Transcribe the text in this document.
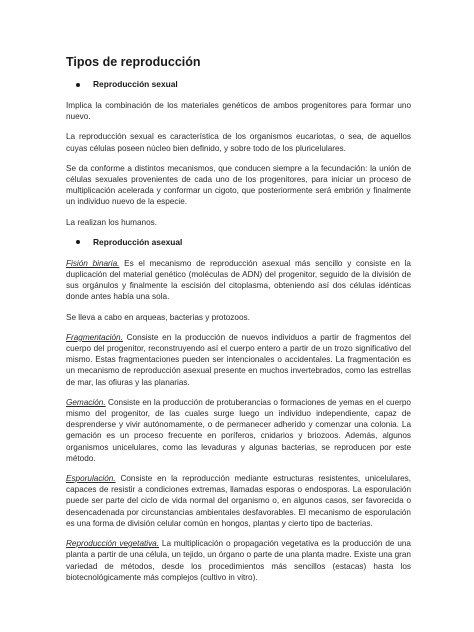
Tipos de reproducción
Reproducción sexual

Implica la combinación de los materiales genéticos de ambos progenitores para formar uno nuevo.

La reproducción sexual es característica de los organismos eucariotas, o sea, de aquellos cuyas células poseen núcleo bien definido, y sobre todo de los pluricelulares.

Se da conforme a distintos mecanismos, que conducen siempre a la fecundación: la unión de células sexuales provenientes de cada uno de los progenitores, para iniciar un proceso de multiplicación acelerada y conformar un cigoto, que posteriormente será embrión y finalmente un individuo nuevo de la especie.

La realizan los humanos.

Reproducción asexual

Fisión binaria. Es el mecanismo de reproducción asexual más sencillo y consiste en la duplicación del material genético (moléculas de ADN) del progenitor, seguido de la división de sus orgánulos y finalmente la escisión del citoplasma, obteniendo así dos células idénticas donde antes había una sola.

Se lleva a cabo en arqueas, bacterias y protozoos.

Fragmentación. Consiste en la producción de nuevos individuos a partir de fragmentos del cuerpo del progenitor, reconstruyendo así el cuerpo entero a partir de un trozo significativo del mismo. Estas fragmentaciones pueden ser intencionales o accidentales. La fragmentación es un mecanismo de reproducción asexual presente en muchos invertebrados, como las estrellas de mar, las ofiuras y las planarias.

Gemación. Consiste en la producción de protuberancias o formaciones de yemas en el cuerpo mismo del progenitor, de las cuales surge luego un individuo independiente, capaz de desprenderse y vivir autónomamente, o de permanecer adherido y comenzar una colonia. La gemación es un proceso frecuente en poríferos, cnidarios y briozoos. Además, algunos organismos unicelulares, como las levaduras y algunas bacterias, se reproducen por este método.

Esporulación. Consiste en la reproducción mediante estructuras resistentes, unicelulares, capaces de resistir a condiciones extremas, llamadas esporas o endosporas. La esporulación puede ser parte del ciclo de vida normal del organismo o, en algunos casos, ser favorecida o desencadenada por circunstancias ambientales desfavorables. El mecanismo de esporulación es una forma de división celular común en hongos, plantas y cierto tipo de bacterias.

Reproducción vegetativa. La multiplicación o propagación vegetativa es la producción de una planta a partir de una célula, un tejido, un órgano o parte de una planta madre. Existe una gran variedad de métodos, desde los procedimientos más sencillos (estacas) hasta los biotecnológicamente más complejos (cultivo in vitro).
